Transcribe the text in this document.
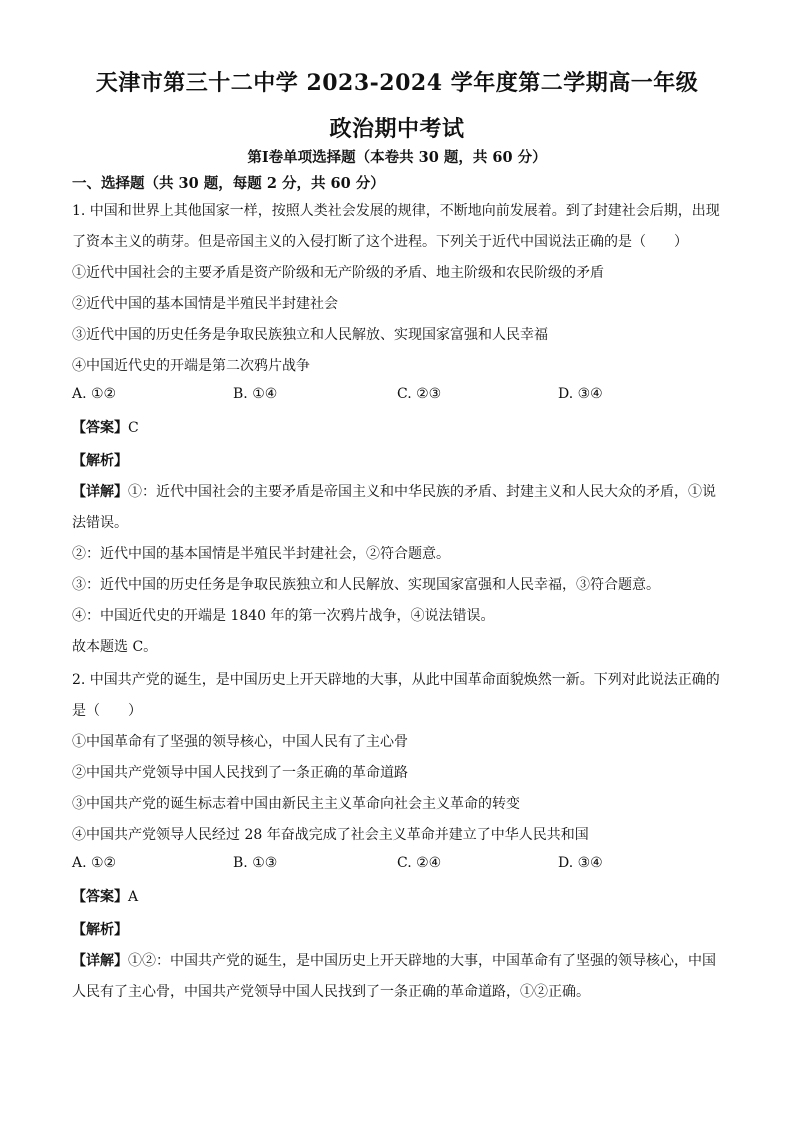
天津市第三十二中学 2023-2024 学年度第二学期高一年级
政治期中考试
第Ⅰ卷单项选择题（本卷共 30 题，共 60 分）
一、选择题（共 30 题，每题 2 分，共 60 分）
1. 中国和世界上其他国家一样，按照人类社会发展的规律，不断地向前发展着。到了封建社会后期，出现
了资本主义的萌芽。但是帝国主义的入侵打断了这个进程。下列关于近代中国说法正确的是（　　）
①近代中国社会的主要矛盾是资产阶级和无产阶级的矛盾、地主阶级和农民阶级的矛盾
②近代中国的基本国情是半殖民半封建社会
③近代中国的历史任务是争取民族独立和人民解放、实现国家富强和人民幸福
④中国近代史的开端是第二次鸦片战争
A. ①②	B. ①④	C. ②③	D. ③④
【答案】C
【解析】
【详解】①：近代中国社会的主要矛盾是帝国主义和中华民族的矛盾、封建主义和人民大众的矛盾，①说
法错误。
②：近代中国的基本国情是半殖民半封建社会，②符合题意。
③：近代中国的历史任务是争取民族独立和人民解放、实现国家富强和人民幸福，③符合题意。
④：中国近代史的开端是 1840 年的第一次鸦片战争，④说法错误。
故本题选 C。
2. 中国共产党的诞生，是中国历史上开天辟地的大事，从此中国革命面貌焕然一新。下列对此说法正确的
是（　　）
①中国革命有了坚强的领导核心，中国人民有了主心骨
②中国共产党领导中国人民找到了一条正确的革命道路
③中国共产党的诞生标志着中国由新民主主义革命向社会主义革命的转变
④中国共产党领导人民经过 28 年奋战完成了社会主义革命并建立了中华人民共和国
A. ①②	B. ①③	C. ②④	D. ③④
【答案】A
【解析】
【详解】①②：中国共产党的诞生，是中国历史上开天辟地的大事，中国革命有了坚强的领导核心，中国
人民有了主心骨，中国共产党领导中国人民找到了一条正确的革命道路，①②正确。
